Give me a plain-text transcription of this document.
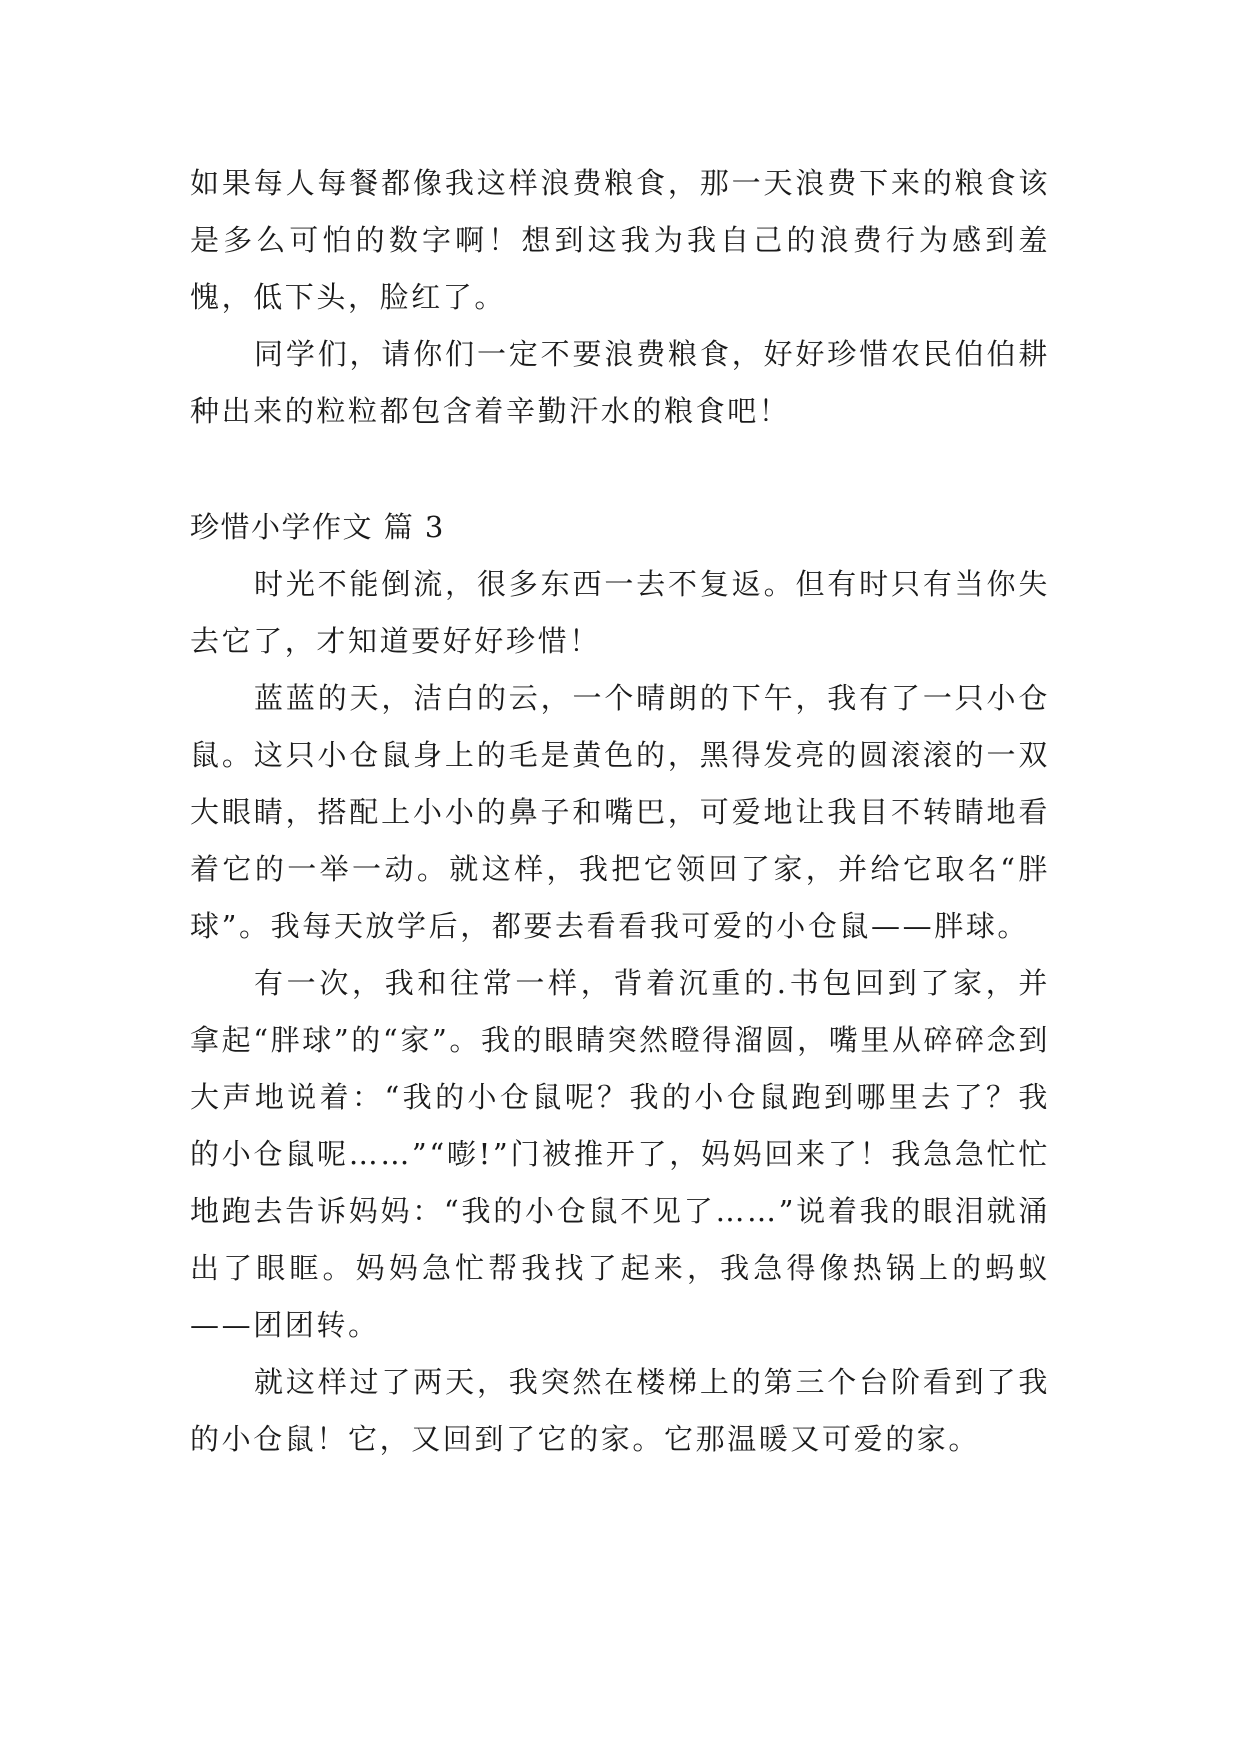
如果每人每餐都像我这样浪费粮食，那一天浪费下来的粮食该是多么可怕的数字啊！想到这我为我自己的浪费行为感到羞愧，低下头，脸红了。

同学们，请你们一定不要浪费粮食，好好珍惜农民伯伯耕种出来的粒粒都包含着辛勤汗水的粮食吧！

珍惜小学作文 篇 3

时光不能倒流，很多东西一去不复返。但有时只有当你失去它了，才知道要好好珍惜！

蓝蓝的天，洁白的云，一个晴朗的下午，我有了一只小仓鼠。这只小仓鼠身上的毛是黄色的，黑得发亮的圆滚滚的一双大眼睛，搭配上小小的鼻子和嘴巴，可爱地让我目不转睛地看着它的一举一动。就这样，我把它领回了家，并给它取名“胖球”。我每天放学后，都要去看看我可爱的小仓鼠——胖球。

有一次，我和往常一样，背着沉重的.书包回到了家，并拿起“胖球”的“家”。我的眼睛突然瞪得溜圆，嘴里从碎碎念到大声地说着：“我的小仓鼠呢？我的小仓鼠跑到哪里去了？我的小仓鼠呢……”“嘭!”门被推开了，妈妈回来了！我急急忙忙地跑去告诉妈妈：“我的小仓鼠不见了……”说着我的眼泪就涌出了眼眶。妈妈急忙帮我找了起来，我急得像热锅上的蚂蚁——团团转。

就这样过了两天，我突然在楼梯上的第三个台阶看到了我的小仓鼠！它，又回到了它的家。它那温暖又可爱的家。
